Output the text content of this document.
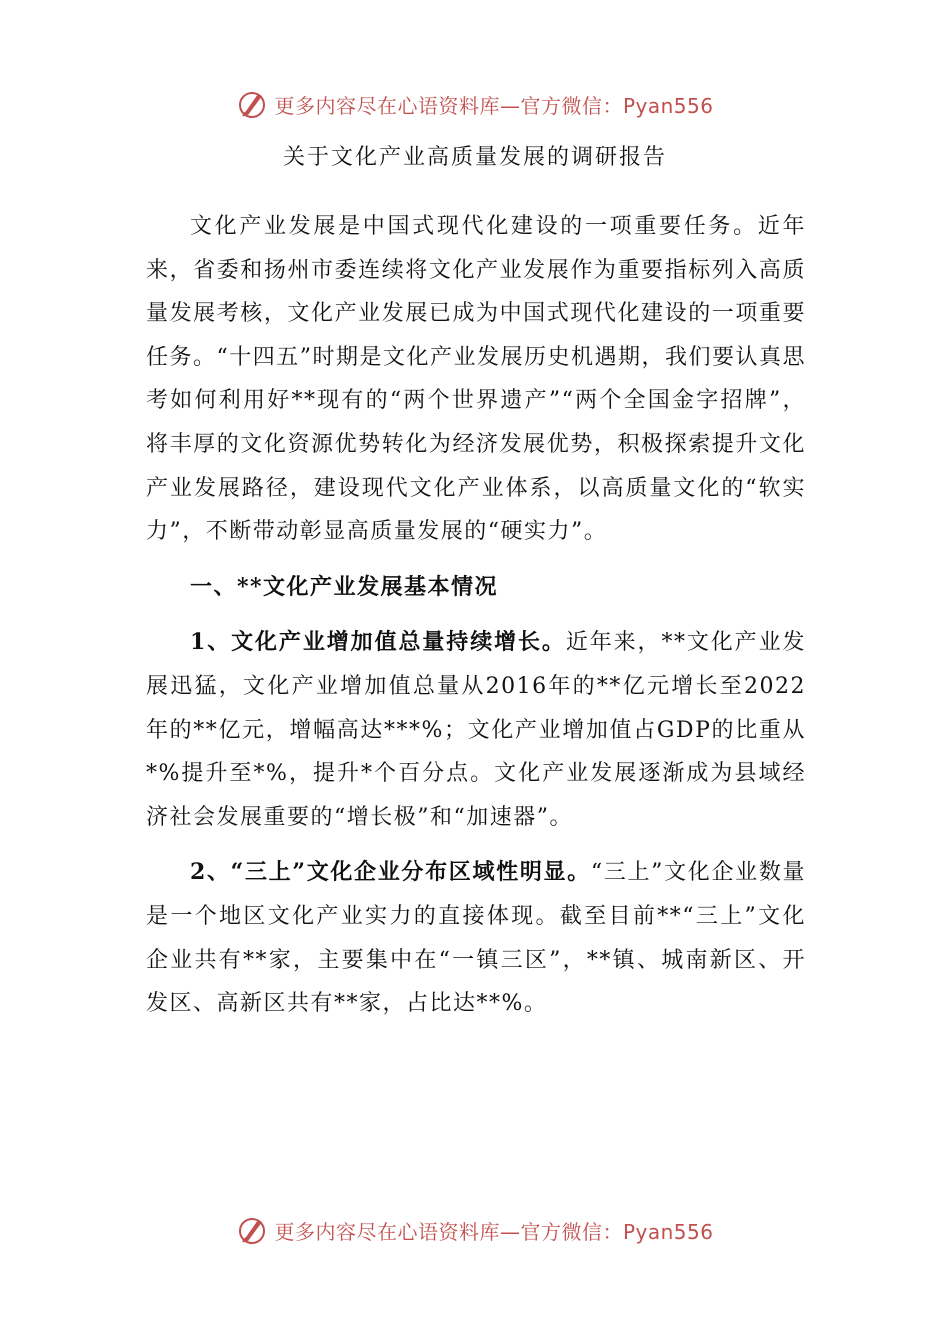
更多内容尽在心语资料库—官方微信：Pyan556
关于文化产业高质量发展的调研报告

文化产业发展是中国式现代化建设的一项重要任务。近年来，省委和扬州市委连续将文化产业发展作为重要指标列入高质量发展考核，文化产业发展已成为中国式现代化建设的一项重要任务。“十四五”时期是文化产业发展历史机遇期，我们要认真思考如何利用好**现有的“两个世界遗产”“两个全国金字招牌”，将丰厚的文化资源优势转化为经济发展优势，积极探索提升文化产业发展路径，建设现代文化产业体系，以高质量文化的“软实力”，不断带动彰显高质量发展的“硬实力”。

一、**文化产业发展基本情况

1、文化产业增加值总量持续增长。近年来，**文化产业发展迅猛，文化产业增加值总量从2016年的**亿元增长至2022年的**亿元，增幅高达***%；文化产业增加值占GDP的比重从*%提升至*%，提升*个百分点。文化产业发展逐渐成为县域经济社会发展重要的“增长极”和“加速器”。

2、“三上”文化企业分布区域性明显。“三上”文化企业数量是一个地区文化产业实力的直接体现。截至目前**“三上”文化企业共有**家，主要集中在“一镇三区”，**镇、城南新区、开发区、高新区共有**家，占比达**%。

更多内容尽在心语资料库—官方微信：Pyan556
